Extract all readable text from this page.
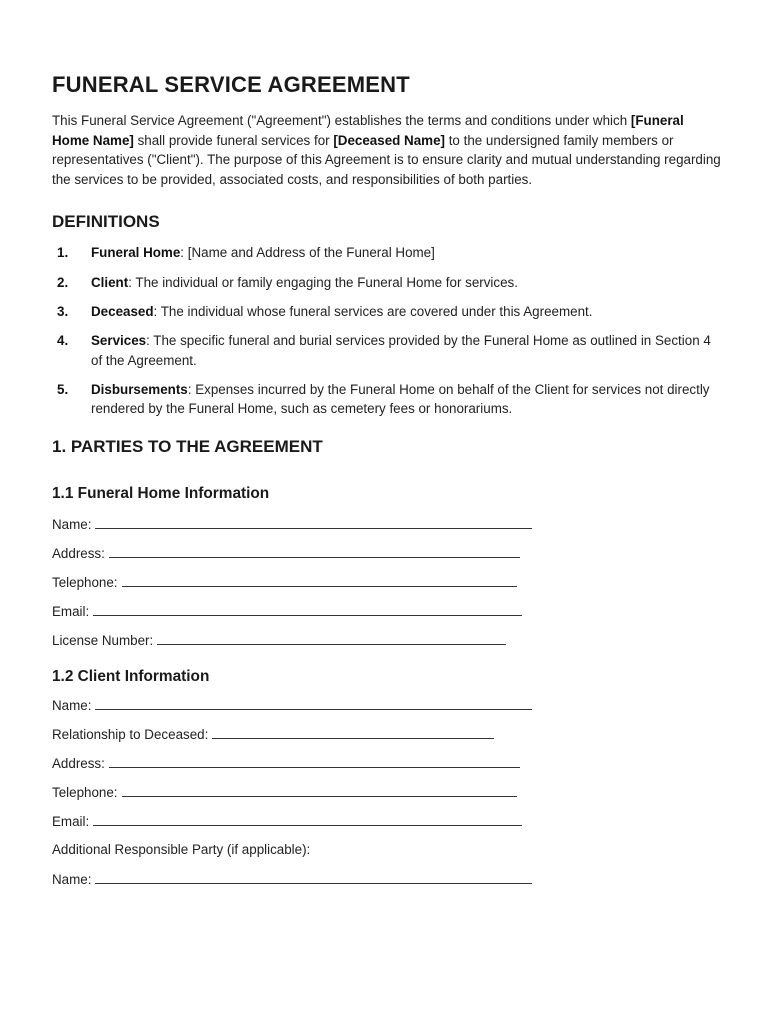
FUNERAL SERVICE AGREEMENT

This Funeral Service Agreement ("Agreement") establishes the terms and conditions under which [Funeral Home Name] shall provide funeral services for [Deceased Name] to the undersigned family members or representatives ("Client"). The purpose of this Agreement is to ensure clarity and mutual understanding regarding the services to be provided, associated costs, and responsibilities of both parties.

DEFINITIONS
1. Funeral Home: [Name and Address of the Funeral Home]
2. Client: The individual or family engaging the Funeral Home for services.
3. Deceased: The individual whose funeral services are covered under this Agreement.
4. Services: The specific funeral and burial services provided by the Funeral Home as outlined in Section 4 of the Agreement.
5. Disbursements: Expenses incurred by the Funeral Home on behalf of the Client for services not directly rendered by the Funeral Home, such as cemetery fees or honorariums.
1. PARTIES TO THE AGREEMENT
1.1 Funeral Home Information
Name:
Address:
Telephone:
Email:
License Number:
1.2 Client Information
Name:
Relationship to Deceased:
Address:
Telephone:
Email:
Additional Responsible Party (if applicable):
Name:
